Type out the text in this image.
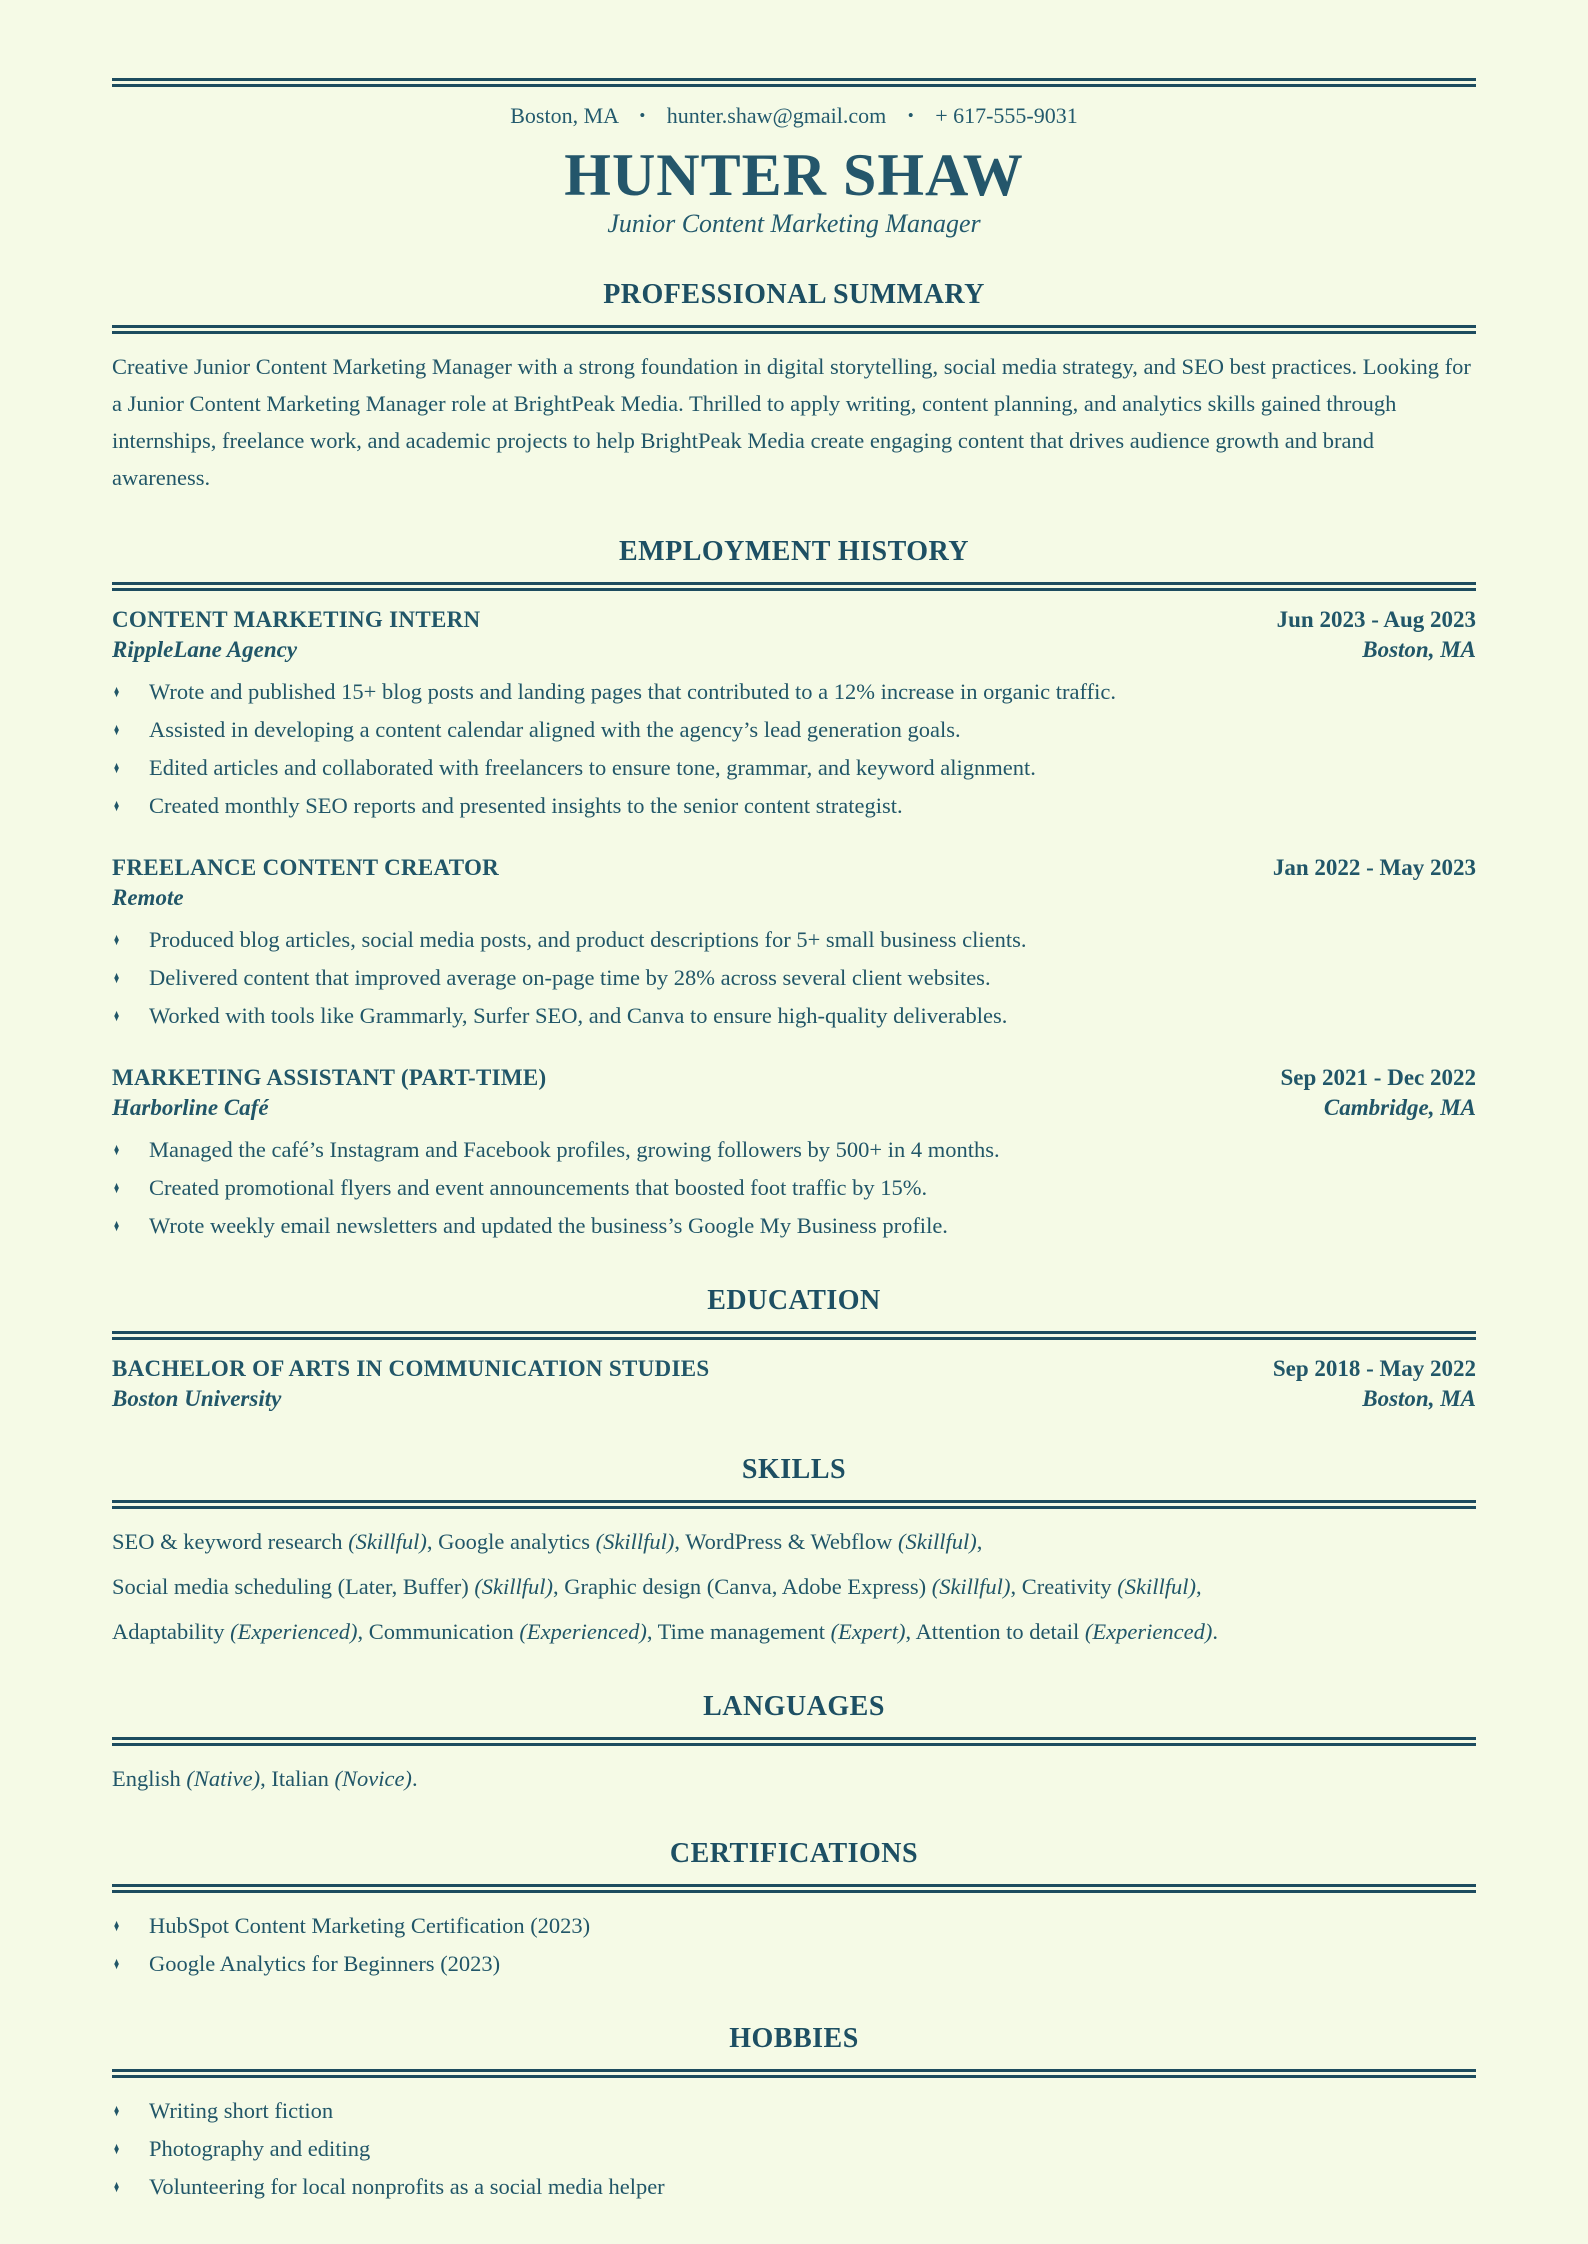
Boston, MA • hunter.shaw@gmail.com • + 617-555-9031
HUNTER SHAW
Junior Content Marketing Manager
PROFESSIONAL SUMMARY

Creative Junior Content Marketing Manager with a strong foundation in digital storytelling, social media strategy, and SEO best practices. Looking for a Junior Content Marketing Manager role at BrightPeak Media. Thrilled to apply writing, content planning, and analytics skills gained through internships, freelance work, and academic projects to help BrightPeak Media create engaging content that drives audience growth and brand awareness.

EMPLOYMENT HISTORY
CONTENT MARKETING INTERN	Jun 2023 - Aug 2023
RippleLane Agency	Boston, MA
♦	Wrote and published 15+ blog posts and landing pages that contributed to a 12% increase in organic traffic.
♦	Assisted in developing a content calendar aligned with the agency’s lead generation goals.
♦	Edited articles and collaborated with freelancers to ensure tone, grammar, and keyword alignment.
♦	Created monthly SEO reports and presented insights to the senior content strategist.
FREELANCE CONTENT CREATOR	Jan 2022 - May 2023
Remote
♦	Produced blog articles, social media posts, and product descriptions for 5+ small business clients.
♦	Delivered content that improved average on-page time by 28% across several client websites.
♦	Worked with tools like Grammarly, Surfer SEO, and Canva to ensure high-quality deliverables.
MARKETING ASSISTANT (PART-TIME)	Sep 2021 - Dec 2022
Harborline Café	Cambridge, MA
♦	Managed the café’s Instagram and Facebook profiles, growing followers by 500+ in 4 months.
♦	Created promotional flyers and event announcements that boosted foot traffic by 15%.
♦	Wrote weekly email newsletters and updated the business’s Google My Business profile.
EDUCATION
BACHELOR OF ARTS IN COMMUNICATION STUDIES	Sep 2018 - May 2022
Boston University	Boston, MA
SKILLS
SEO & keyword research (Skillful), Google analytics (Skillful), WordPress & Webflow (Skillful),
Social media scheduling (Later, Buffer) (Skillful), Graphic design (Canva, Adobe Express) (Skillful), Creativity (Skillful),
Adaptability (Experienced), Communication (Experienced), Time management (Expert), Attention to detail (Experienced).
LANGUAGES
English (Native), Italian (Novice).
CERTIFICATIONS
♦	HubSpot Content Marketing Certification (2023)
♦	Google Analytics for Beginners (2023)
HOBBIES
♦	Writing short fiction
♦	Photography and editing
♦	Volunteering for local nonprofits as a social media helper
